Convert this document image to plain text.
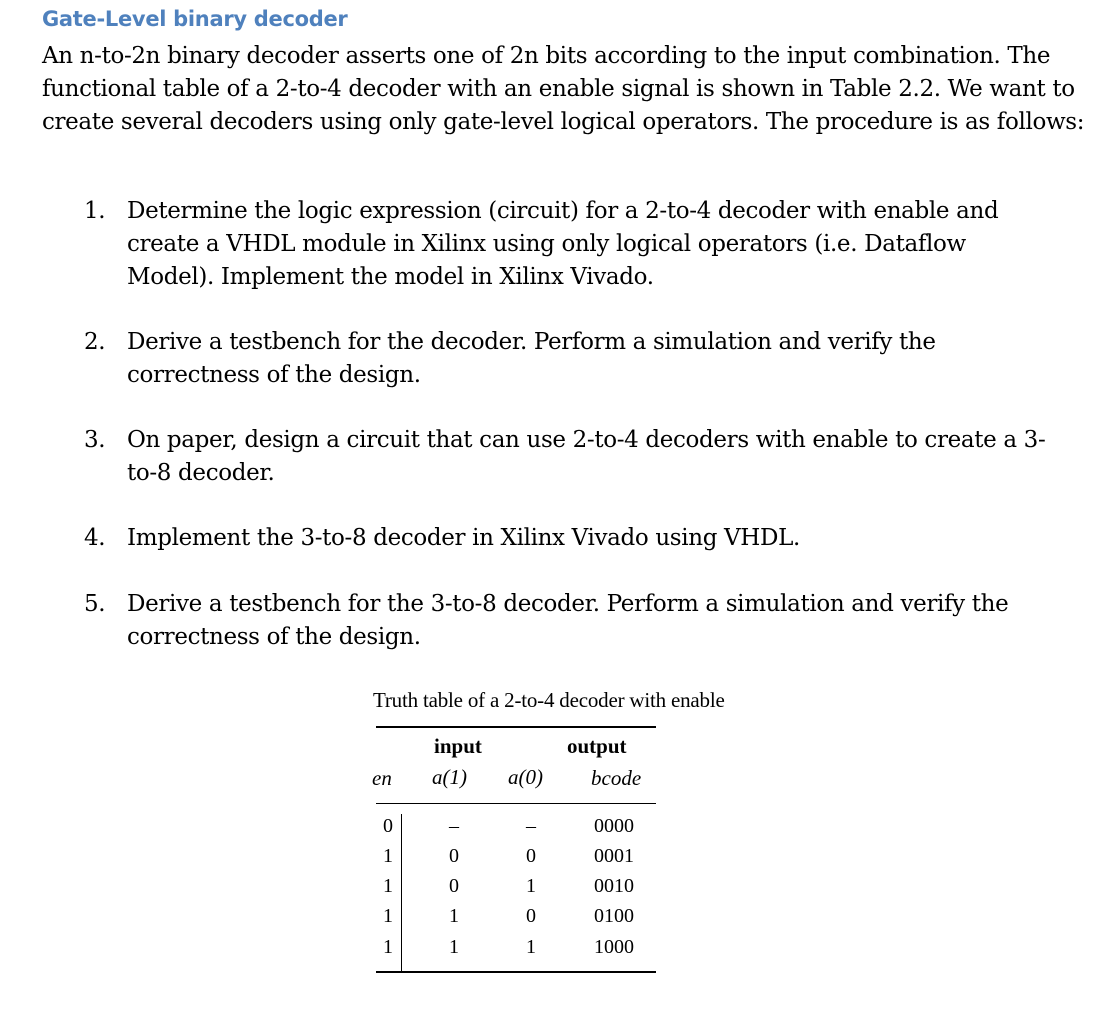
Gate-Level binary decoder
An n-to-2n binary decoder asserts one of 2n bits according to the input combination. The functional table of a 2-to-4 decoder with an enable signal is shown in Table 2.2. We want to create several decoders using only gate-level logical operators. The procedure is as follows:
1. Determine the logic expression (circuit) for a 2-to-4 decoder with enable and create a VHDL module in Xilinx using only logical operators (i.e. Dataflow Model). Implement the model in Xilinx Vivado.
2. Derive a testbench for the decoder. Perform a simulation and verify the correctness of the design.
3. On paper, design a circuit that can use 2-to-4 decoders with enable to create a 3-to-8 decoder.
4. Implement the 3-to-8 decoder in Xilinx Vivado using VHDL.
5. Derive a testbench for the 3-to-8 decoder. Perform a simulation and verify the correctness of the design.
Truth table of a 2-to-4 decoder with enable
input	output
en a(1) a(0) bcode
0	–	–	0000
1	0	0	0001
1	0	1	0010
1	1	0	0100
1	1	1	1000
